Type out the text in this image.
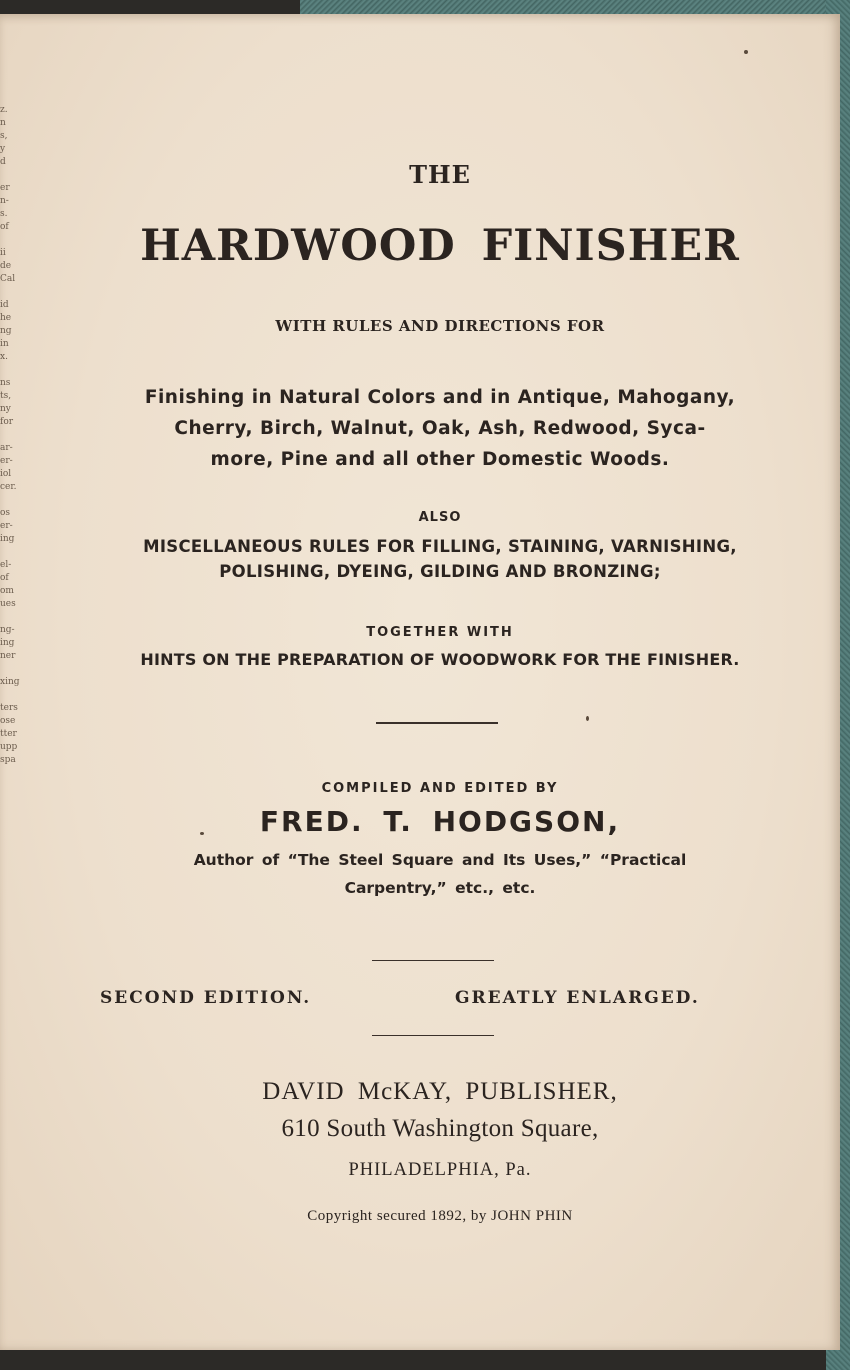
z.
n
s,
y
d

er
n-
s.
of

ii
de
Cal

id
he
ng
in
x.

ns
ts,
ny
for

ar-
er-
iol
cer.

os
er-
ing

el-
of
om
ues

ng-
ing
ner

xing

ters
ose
tter
upp
spa
THE
HARDWOOD FINISHER
WITH RULES AND DIRECTIONS FOR
Finishing in Natural Colors and in Antique, Mahogany,
Cherry, Birch, Walnut, Oak, Ash, Redwood, Syca-
more, Pine and all other Domestic Woods.
ALSO
MISCELLANEOUS RULES FOR FILLING, STAINING, VARNISHING,
POLISHING, DYEING, GILDING AND BRONZING;
TOGETHER WITH
HINTS ON THE PREPARATION OF WOODWORK FOR THE FINISHER.
COMPILED AND EDITED BY
FRED. T. HODGSON,
Author of “The Steel Square and Its Uses,” “Practical
Carpentry,” etc., etc.
SECOND EDITION.	GREATLY ENLARGED.
DAVID McKAY, PUBLISHER,
610 South Washington Square,
PHILADELPHIA, Pa.
Copyright secured 1892, by JOHN PHIN
